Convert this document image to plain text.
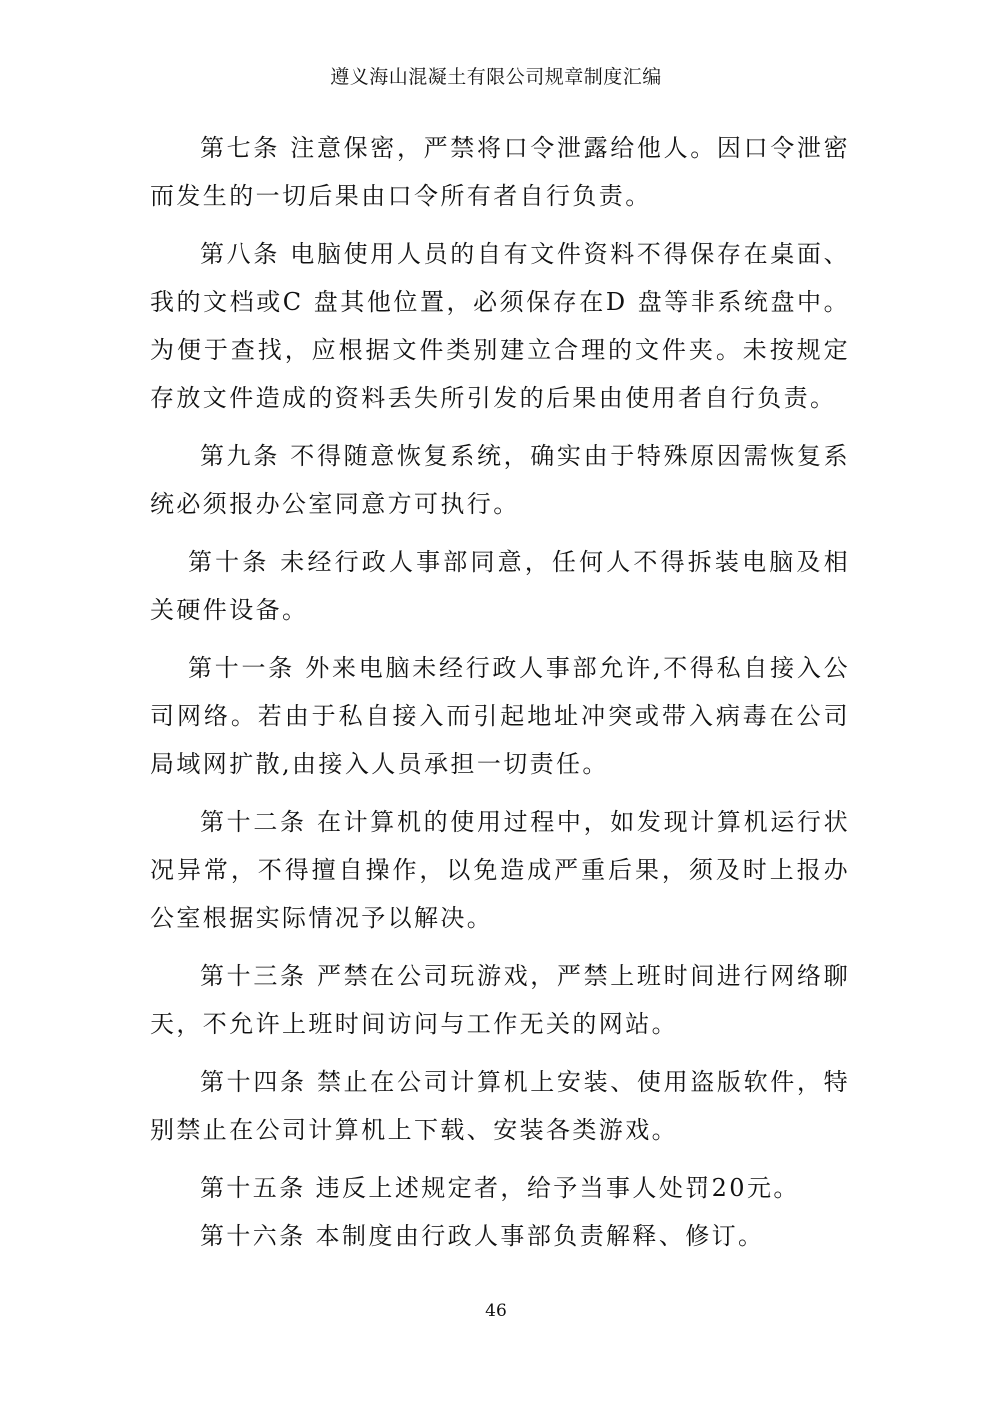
遵义海山混凝土有限公司规章制度汇编

第七条 注意保密，严禁将口令泄露给他人。因口令泄密而发生的一切后果由口令所有者自行负责。

第八条 电脑使用人员的自有文件资料不得保存在桌面、我的文档或C 盘其他位置，必须保存在D 盘等非系统盘中。为便于查找，应根据文件类别建立合理的文件夹。未按规定存放文件造成的资料丢失所引发的后果由使用者自行负责。

第九条 不得随意恢复系统，确实由于特殊原因需恢复系统必须报办公室同意方可执行。

第十条 未经行政人事部同意，任何人不得拆装电脑及相关硬件设备。

第十一条 外来电脑未经行政人事部允许,不得私自接入公司网络。若由于私自接入而引起地址冲突或带入病毒在公司局域网扩散,由接入人员承担一切责任。

第十二条 在计算机的使用过程中，如发现计算机运行状况异常，不得擅自操作，以免造成严重后果，须及时上报办公室根据实际情况予以解决。

第十三条 严禁在公司玩游戏，严禁上班时间进行网络聊天，不允许上班时间访问与工作无关的网站。

第十四条 禁止在公司计算机上安装、使用盗版软件，特别禁止在公司计算机上下载、安装各类游戏。

第十五条 违反上述规定者，给予当事人处罚20元。

第十六条 本制度由行政人事部负责解释、修订。

46
